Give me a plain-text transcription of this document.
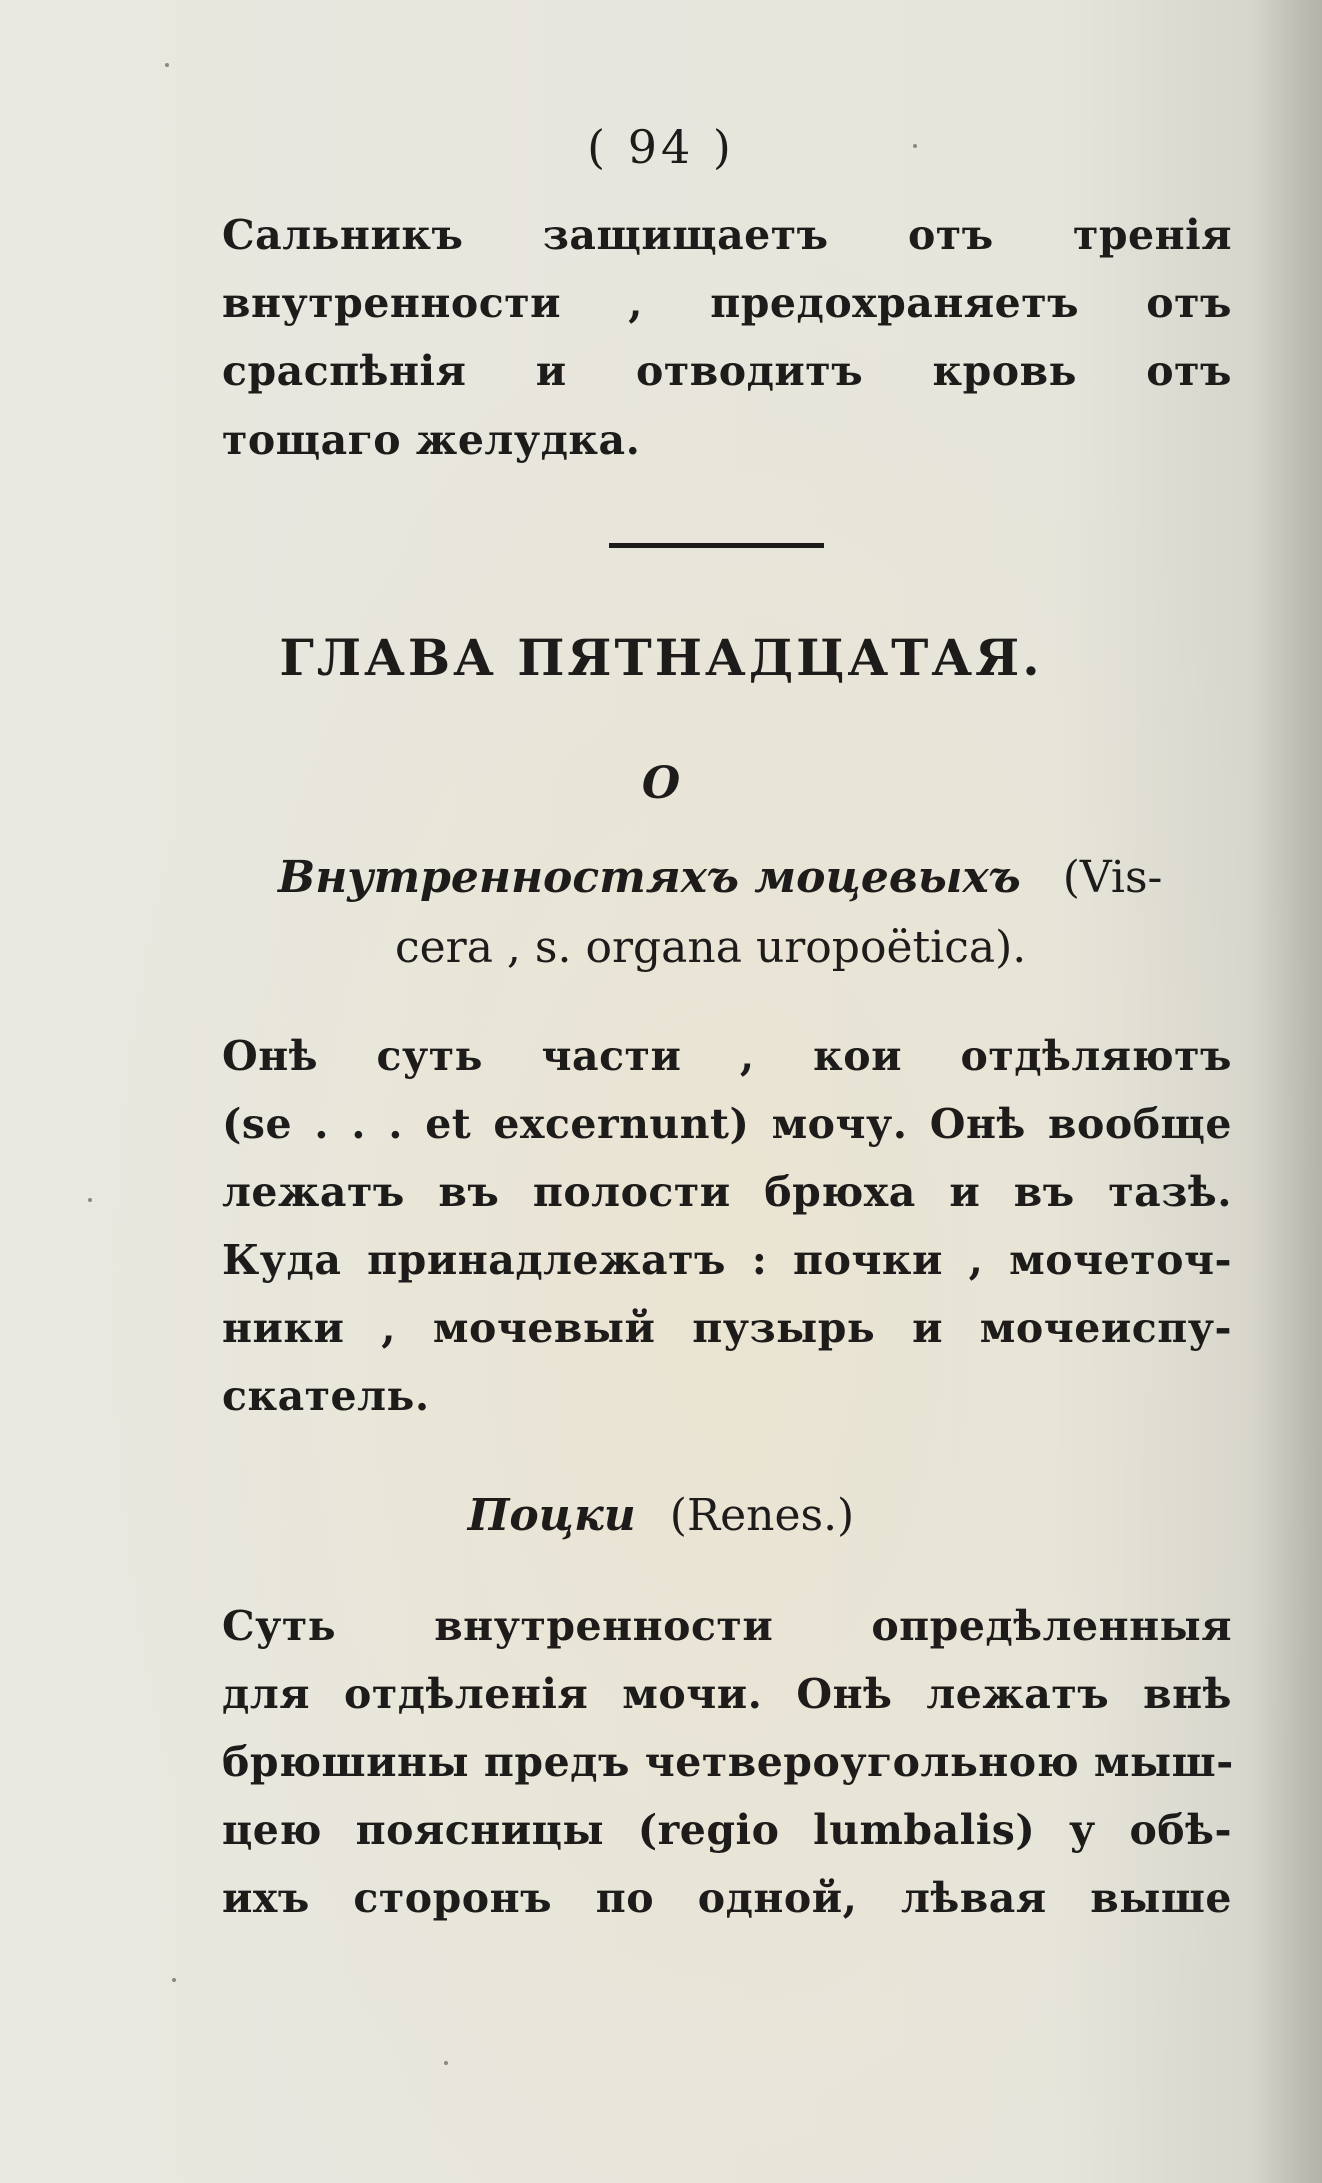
( 94 )
Сальникъ защищаетъ отъ тренія
внутренности , предохраняетъ отъ
сраспѣнія и отводитъ кровь отъ
тощаго желудка.
ГЛАВА ПЯТНАДЦАТАЯ.
О
Внутренностяхъ моцевыхъ (Vis-
cera , s. organa uropoëtica).
Онѣ суть части , кои отдѣляютъ
(se . . . et excernunt) мочу. Онѣ вообще
лежатъ въ полости брюха и въ тазѣ.
Куда принадлежатъ : почки , мочеточ-
ники , мочевый пузырь и мочеиспу-
скатель.
Поцки (Renes.)
Суть внутренности опредѣленныя
для отдѣленія мочи. Онѣ лежатъ внѣ
брюшины предъ четвероугольною мыш-
цею поясницы (regio lumbalis) у обѣ-
ихъ сторонъ по одной, лѣвая выше
